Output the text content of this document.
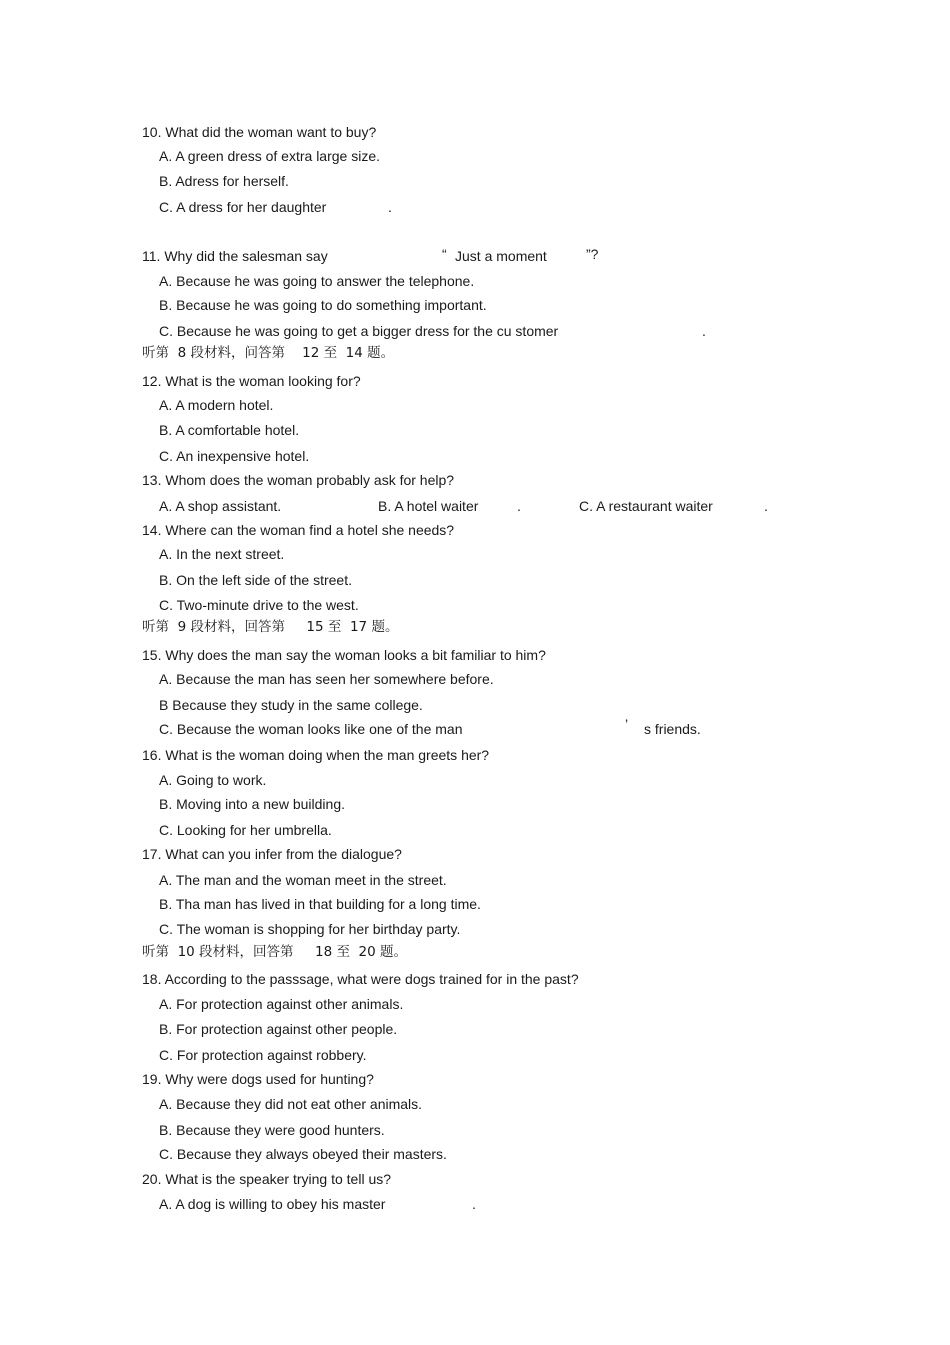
10. What did the woman want to buy?
A. A green dress of extra large size.
B. Adress for herself.
C. A dress for her daughter	.
11. Why did the salesman say	“ Just a moment	”?
A. Because he was going to answer the telephone.
B. Because he was going to do something important.
C. Because he was going to get a bigger dress for the cu stomer	.
听第  8 段材料，问答第    12 至  14 题。
12. What is the woman looking for?
A. A modern hotel.
B. A comfortable hotel.
C. An inexpensive hotel.
13. Whom does the woman probably ask for help?
A. A shop assistant.	B. A hotel waiter	.	C. A restaurant waiter	.
14. Where can the woman find a hotel she needs?
A. In the next street.
B. On the left side of the street.
C. Two-minute drive to the west.
听第  9 段材料，回答第     15 至  17 题。
15. Why does the man say the woman looks a bit familiar to him?
A. Because the man has seen her somewhere before.
B Because they study in the same college.
C. Because the woman looks like one of the man	’ s friends.
16. What is the woman doing when the man greets her?
A. Going to work.
B. Moving into a new building.
C. Looking for her umbrella.
17. What can you infer from the dialogue?
A. The man and the woman meet in the street.
B. Tha man has lived in that building for a long time.
C. The woman is shopping for her birthday party.
听第  10 段材料，回答第     18 至  20 题。
18. According to the passsage, what were dogs trained for in the past?
A. For protection against other animals.
B. For protection against other people.
C. For protection against robbery.
19. Why were dogs used for hunting?
A. Because they did not eat other animals.
B. Because they were good hunters.
C. Because they always obeyed their masters.
20. What is the speaker trying to tell us?
A. A dog is willing to obey his master	.
